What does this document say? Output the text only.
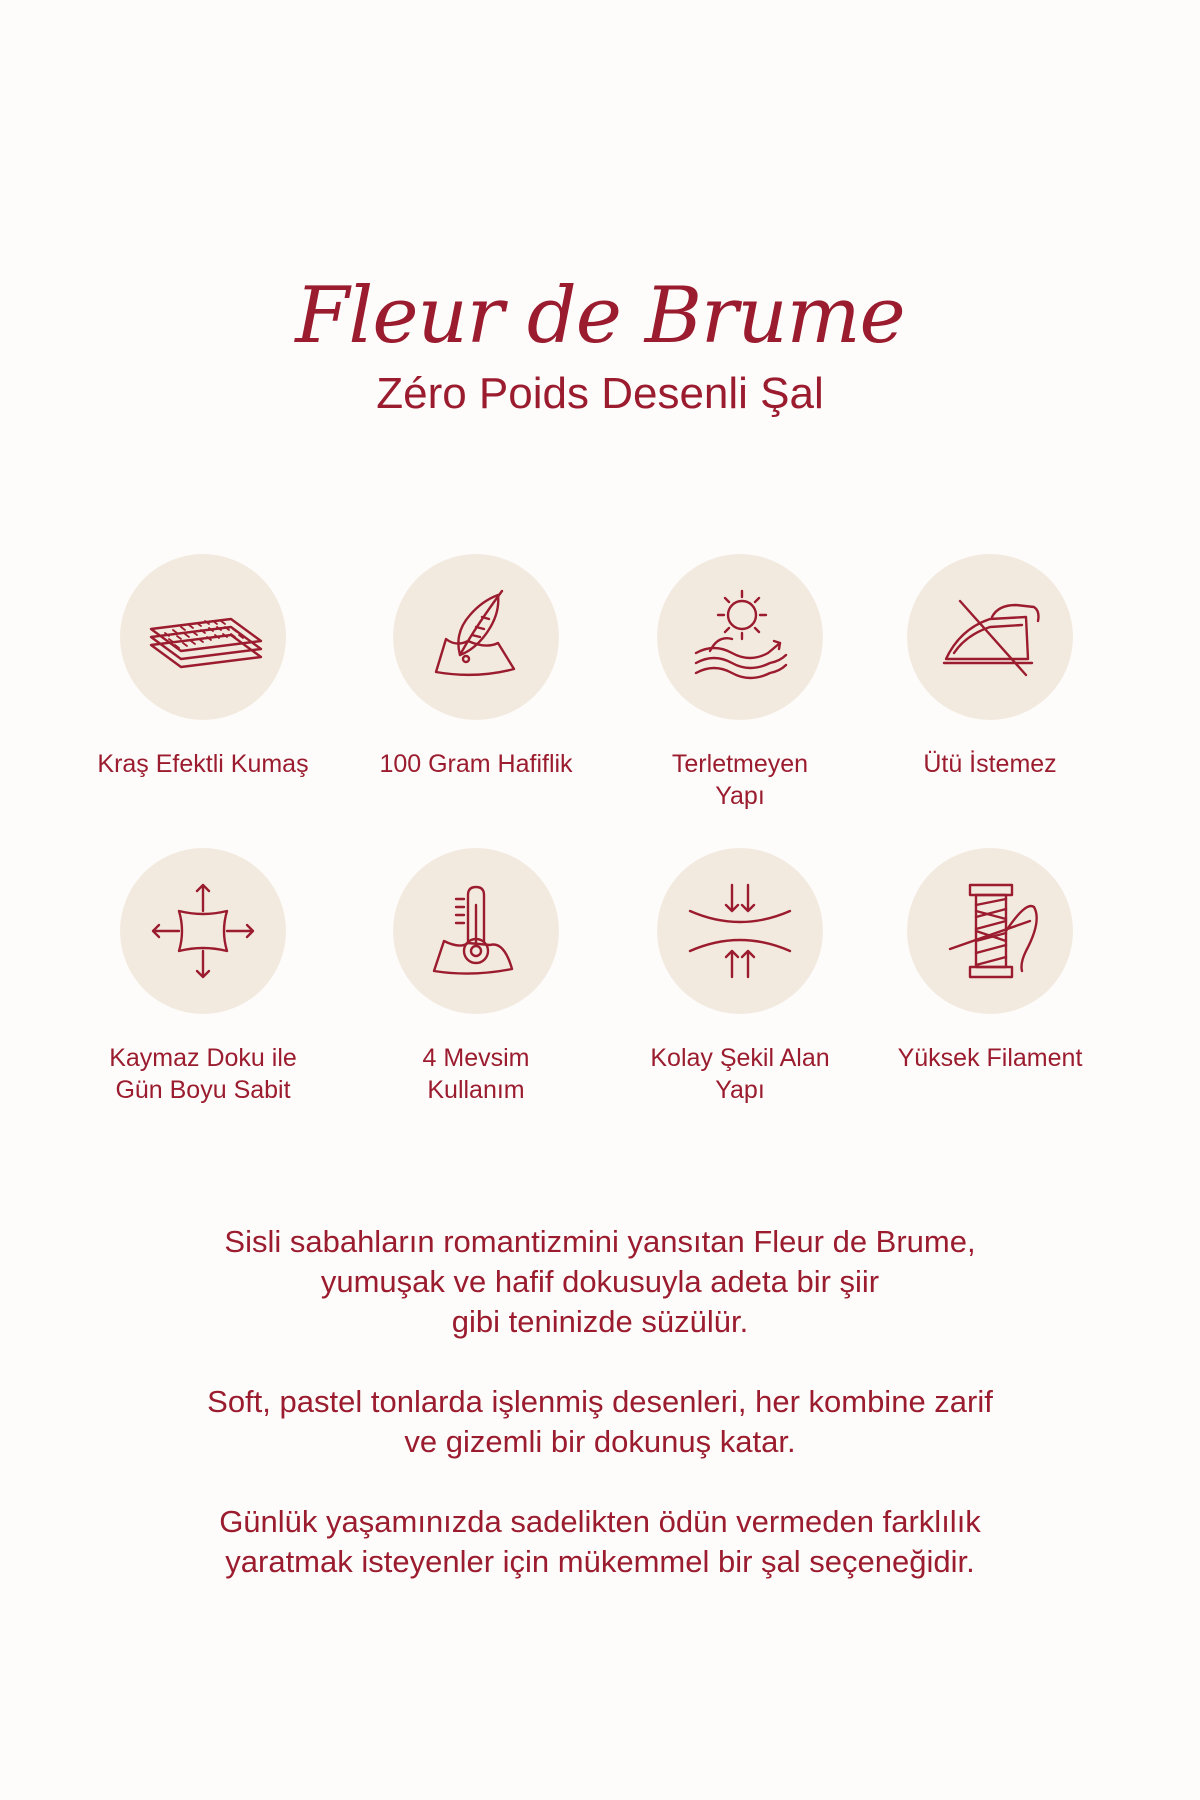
Fleur de Brume
Zéro Poids Desenli Şal
Kraş Efektli Kumaş	100 Gram Hafiflik	Terletmeyen
Yapı
Ütü İstemez
Kaymaz Doku ile
Gün Boyu Sabit
4 Mevsim
Kullanım
Kolay Şekil Alan
Yapı
Yüksek Filament

Sisli sabahların romantizmini yansıtan Fleur de Brume,
yumuşak ve hafif dokusuyla adeta bir şiir
gibi teninizde süzülür.

Soft, pastel tonlarda işlenmiş desenleri, her kombine zarif
ve gizemli bir dokunuş katar.

Günlük yaşamınızda sadelikten ödün vermeden farklılık
yaratmak isteyenler için mükemmel bir şal seçeneğidir.
